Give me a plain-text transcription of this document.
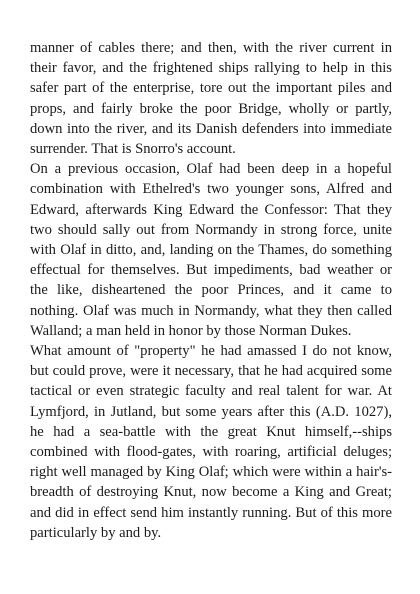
manner of cables there; and then, with the river current in their favor, and the frightened ships rallying to help in this safer part of the enterprise, tore out the important piles and props, and fairly broke the poor Bridge, wholly or partly, down into the river, and its Danish defenders into immediate surrender. That is Snorro's account.

On a previous occasion, Olaf had been deep in a hopeful combination with Ethelred's two younger sons, Alfred and Edward, afterwards King Edward the Confessor: That they two should sally out from Normandy in strong force, unite with Olaf in ditto, and, landing on the Thames, do something effectual for themselves. But impediments, bad weather or the like, disheartened the poor Princes, and it came to nothing. Olaf was much in Normandy, what they then called Walland; a man held in honor by those Norman Dukes.

What amount of "property" he had amassed I do not know, but could prove, were it necessary, that he had acquired some tactical or even strategic faculty and real talent for war. At Lymfjord, in Jutland, but some years after this (A.D. 1027), he had a sea-battle with the great Knut himself,--ships combined with flood-gates, with roaring, artificial deluges; right well managed by King Olaf; which were within a hair's-breadth of destroying Knut, now become a King and Great; and did in effect send him instantly running. But of this more particularly by and by.
